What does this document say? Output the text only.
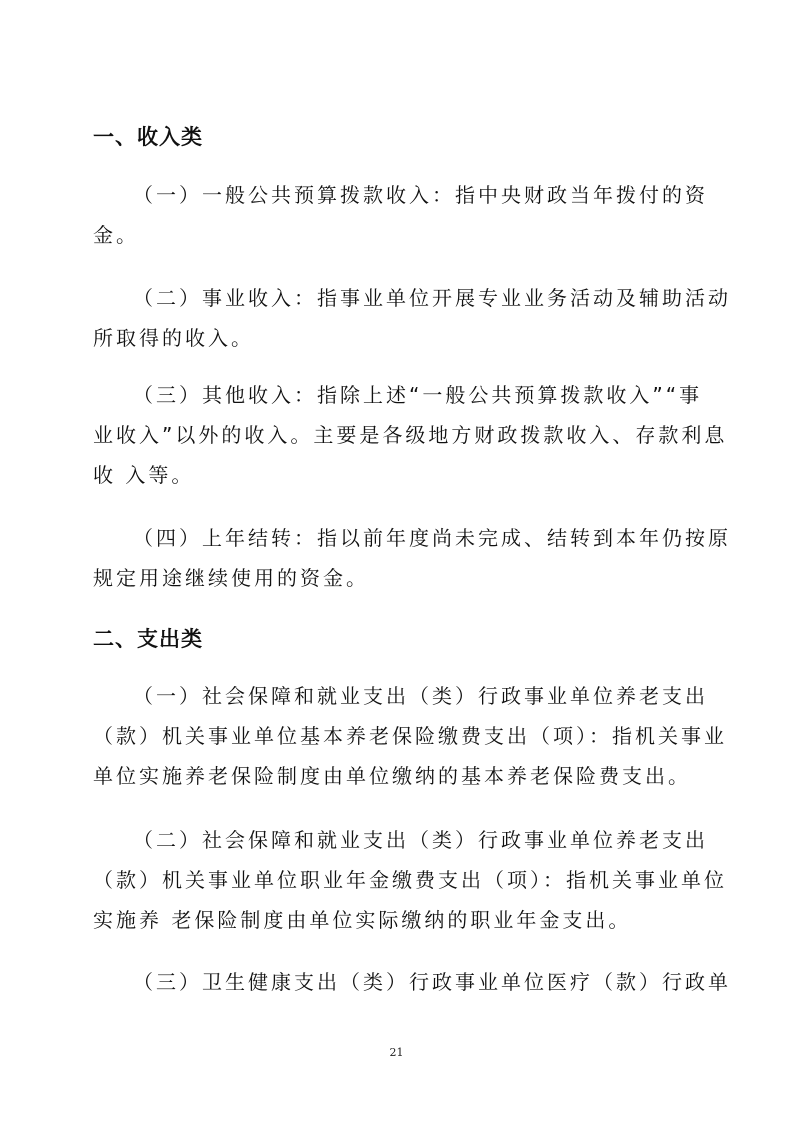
一、收入类
（一）一般公共预算拨款收入：指中央财政当年拨付的资
金。
（二）事业收入：指事业单位开展专业业务活动及辅助活动
所取得的收入。
（三）其他收入：指除上述“一般公共预算拨款收入”“事
业收入”以外的收入。主要是各级地方财政拨款收入、存款利息
收 入等。
（四）上年结转：指以前年度尚未完成、结转到本年仍按原
规定用途继续使用的资金。
二、支出类
（一）社会保障和就业支出（类）行政事业单位养老支出
（款）机关事业单位基本养老保险缴费支出（项）：指机关事业
单位实施养老保险制度由单位缴纳的基本养老保险费支出。
（二）社会保障和就业支出（类）行政事业单位养老支出
（款）机关事业单位职业年金缴费支出（项）：指机关事业单位
实施养 老保险制度由单位实际缴纳的职业年金支出。
（三）卫生健康支出（类）行政事业单位医疗（款）行政单
21
